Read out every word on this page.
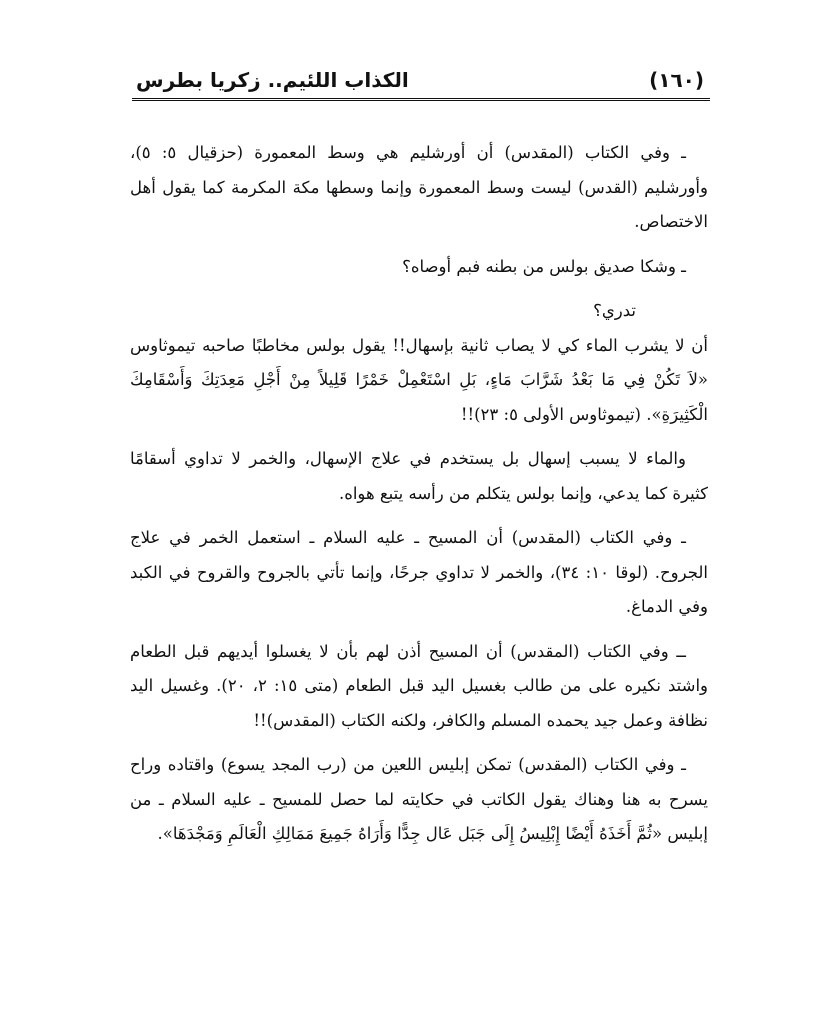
الكذاب اللئيم.. زكريا بطرس	(١٦٠)

ـ وفي الكتاب (المقدس) أن أورشليم هي وسط المعمورة (حزقيال ٥: ٥)، وأورشليم (القدس) ليست وسط المعمورة وإنما وسطها مكة المكرمة كما يقول أهل الاختصاص.

ـ وشكا صديق بولس من بطنه فبم أوصاه؟

تدري؟

أن لا يشرب الماء كي لا يصاب ثانية بإسهال!! يقول بولس مخاطبًا صاحبه تيموثاوس «لاَ تَكُنْ فِي مَا بَعْدُ شَرَّابَ مَاءٍ، بَلِ اسْتَعْمِلْ خَمْرًا قَلِيلاً مِنْ أَجْلِ مَعِدَتِكَ وَأَسْقَامِكَ الْكَثِيرَةِ». (تيموثاوس الأولى ٥: ٢٣)!!

والماء لا يسبب إسهال بل يستخدم في علاج الإسهال، والخمر لا تداوي أسقامًا كثيرة كما يدعي، وإنما بولس يتكلم من رأسه يتبع هواه.

ـ وفي الكتاب (المقدس) أن المسيح ـ عليه السلام ـ استعمل الخمر في علاج الجروح. (لوقا ١٠: ٣٤)، والخمر لا تداوي جرحًا، وإنما تأتي بالجروح والقروح في الكبد وفي الدماغ.

ــ وفي الكتاب (المقدس) أن المسيح أذن لهم بأن لا يغسلوا أيديهم قبل الطعام واشتد نكيره على من طالب بغسيل اليد قبل الطعام (متى ١٥: ٢، ٢٠). وغسيل اليد نظافة وعمل جيد يحمده المسلم والكافر، ولكنه الكتاب (المقدس)!!

ـ وفي الكتاب (المقدس) تمكن إبليس اللعين من (رب المجد يسوع) واقتاده وراح يسرح به هنا وهناك يقول الكاتب في حكايته لما حصل للمسيح ـ عليه السلام ـ من إبليس «ثُمَّ أَخَذَهُ أَيْضًا إِبْلِيسُ إِلَى جَبَل عَال جِدًّا وَأَرَاهُ جَمِيعَ مَمَالِكِ الْعَالَمِ وَمَجْدَهَا».
